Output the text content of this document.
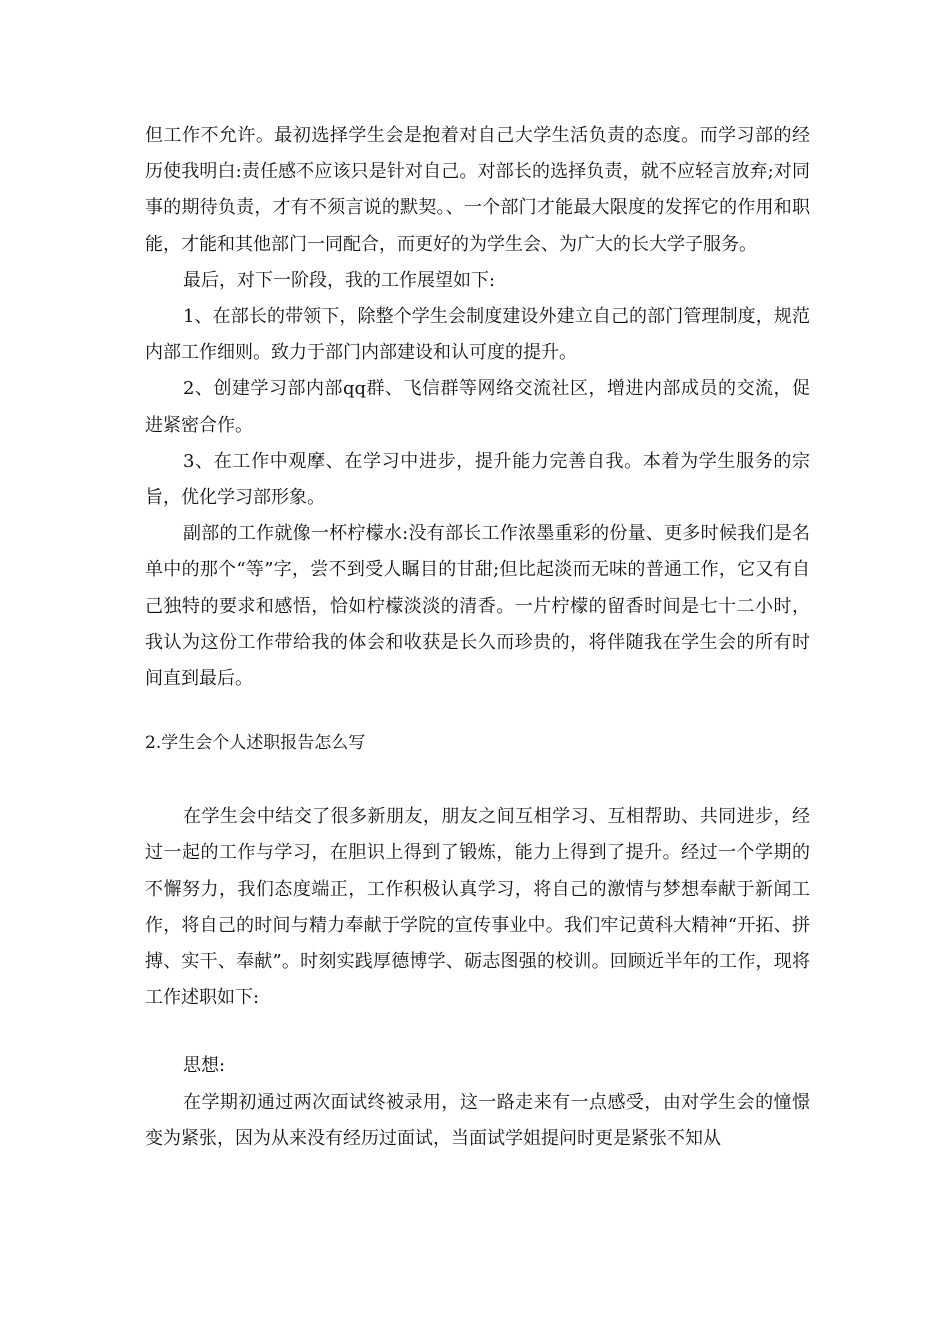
但工作不允许。最初选择学生会是抱着对自己大学生活负责的态度。而学习部的经历使我明白:责任感不应该只是针对自己。对部长的选择负责，就不应轻言放弃;对同事的期待负责，才有不须言说的默契。、一个部门才能最大限度的发挥它的作用和职能，才能和其他部门一同配合，而更好的为学生会、为广大的长大学子服务。

最后，对下一阶段，我的工作展望如下:

1、在部长的带领下，除整个学生会制度建设外建立自己的部门管理制度，规范内部工作细则。致力于部门内部建设和认可度的提升。

2、创建学习部内部qq群、飞信群等网络交流社区，增进内部成员的交流，促进紧密合作。

3、在工作中观摩、在学习中进步，提升能力完善自我。本着为学生服务的宗旨，优化学习部形象。

副部的工作就像一杯柠檬水:没有部长工作浓墨重彩的份量、更多时候我们是名单中的那个“等”字，尝不到受人瞩目的甘甜;但比起淡而无味的普通工作，它又有自己独特的要求和感悟，恰如柠檬淡淡的清香。一片柠檬的留香时间是七十二小时，我认为这份工作带给我的体会和收获是长久而珍贵的，将伴随我在学生会的所有时间直到最后。

2.学生会个人述职报告怎么写

在学生会中结交了很多新朋友，朋友之间互相学习、互相帮助、共同进步，经过一起的工作与学习，在胆识上得到了锻炼，能力上得到了提升。经过一个学期的不懈努力，我们态度端正，工作积极认真学习，将自己的激情与梦想奉献于新闻工作，将自己的时间与精力奉献于学院的宣传事业中。我们牢记黄科大精神“开拓、拼搏、实干、奉献”。时刻实践厚德博学、砺志图强的校训。回顾近半年的工作，现将工作述职如下:

思想:

在学期初通过两次面试终被录用，这一路走来有一点感受，由对学生会的憧憬变为紧张，因为从来没有经历过面试，当面试学姐提问时更是紧张不知从
